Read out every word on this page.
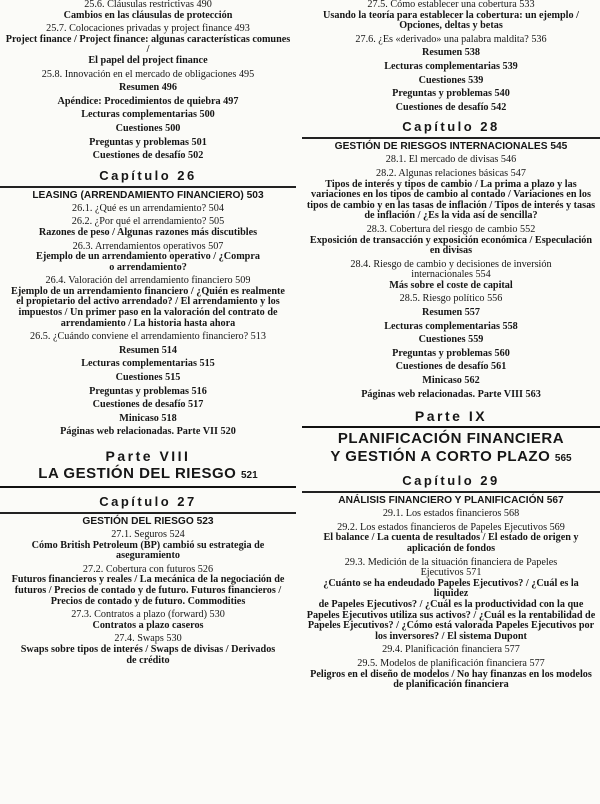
25.6. Cláusulas restrictivas 490

Cambios en las cláusulas de protección

25.7. Colocaciones privadas y project finance 493

Project finance / Project finance: algunas características comunes /

El papel del project finance

25.8. Innovación en el mercado de obligaciones 495

Resumen 496

Apéndice: Procedimientos de quiebra 497

Lecturas complementarias 500

Cuestiones 500

Preguntas y problemas 501

Cuestiones de desafío 502

Capítulo 26
LEASING (ARRENDAMIENTO FINANCIERO) 503

26.1. ¿Qué es un arrendamiento? 504

26.2. ¿Por qué el arrendamiento? 505

Razones de peso / Algunas razones más discutibles

26.3. Arrendamientos operativos 507

Ejemplo de un arrendamiento operativo / ¿Compra

o arrendamiento?

26.4. Valoración del arrendamiento financiero 509

Ejemplo de un arrendamiento financiero / ¿Quién es realmente

el propietario del activo arrendado? / El arrendamiento y los

impuestos / Un primer paso en la valoración del contrato de

arrendamiento / La historia hasta ahora

26.5. ¿Cuándo conviene el arrendamiento financiero? 513

Resumen 514

Lecturas complementarias 515

Cuestiones 515

Preguntas y problemas 516

Cuestiones de desafío 517

Minicaso 518

Páginas web relacionadas. Parte VII 520

Parte VIII
LA GESTIÓN DEL RIESGO 521
Capítulo 27
GESTIÓN DEL RIESGO 523

27.1. Seguros 524

Cómo British Petroleum (BP) cambió su estrategia de

aseguramiento

27.2. Cobertura con futuros 526

Futuros financieros y reales / La mecánica de la negociación de

futuros / Precios de contado y de futuro. Futuros financieros /

Precios de contado y de futuro. Commodities

27.3. Contratos a plazo (forward) 530

Contratos a plazo caseros

27.4. Swaps 530

Swaps sobre tipos de interés / Swaps de divisas / Derivados

de crédito

27.5. Cómo establecer una cobertura 533

Usando la teoría para establecer la cobertura: un ejemplo /

Opciones, deltas y betas

27.6. ¿Es «derivado» una palabra maldita? 536

Resumen 538

Lecturas complementarias 539

Cuestiones 539

Preguntas y problemas 540

Cuestiones de desafío 542

Capítulo 28
GESTIÓN DE RIESGOS INTERNACIONALES 545

28.1. El mercado de divisas 546

28.2. Algunas relaciones básicas 547

Tipos de interés y tipos de cambio / La prima a plazo y las

variaciones en los tipos de cambio al contado / Variaciones en los

tipos de cambio y en las tasas de inflación / Tipos de interés y tasas

de inflación / ¿Es la vida así de sencilla?

28.3. Cobertura del riesgo de cambio 552

Exposición de transacción y exposición económica / Especulación

en divisas

28.4. Riesgo de cambio y decisiones de inversión

internacionales 554

Más sobre el coste de capital

28.5. Riesgo político 556

Resumen 557

Lecturas complementarias 558

Cuestiones 559

Preguntas y problemas 560

Cuestiones de desafío 561

Minicaso 562

Páginas web relacionadas. Parte VIII 563

Parte IX
PLANIFICACIÓN FINANCIERA
Y GESTIÓN A CORTO PLAZO 565
Capítulo 29
ANÁLISIS FINANCIERO Y PLANIFICACIÓN 567

29.1. Los estados financieros 568

29.2. Los estados financieros de Papeles Ejecutivos 569

El balance / La cuenta de resultados / El estado de origen y

aplicación de fondos

29.3. Medición de la situación financiera de Papeles

Ejecutivos 571

¿Cuánto se ha endeudado Papeles Ejecutivos? / ¿Cuál es la liquidez

de Papeles Ejecutivos? / ¿Cuál es la productividad con la que

Papeles Ejecutivos utiliza sus activos? / ¿Cuál es la rentabilidad de

Papeles Ejecutivos? / ¿Cómo está valorada Papeles Ejecutivos por

los inversores? / El sistema Dupont

29.4. Planificación financiera 577

29.5. Modelos de planificación financiera 577

Peligros en el diseño de modelos / No hay finanzas en los modelos

de planificación financiera
